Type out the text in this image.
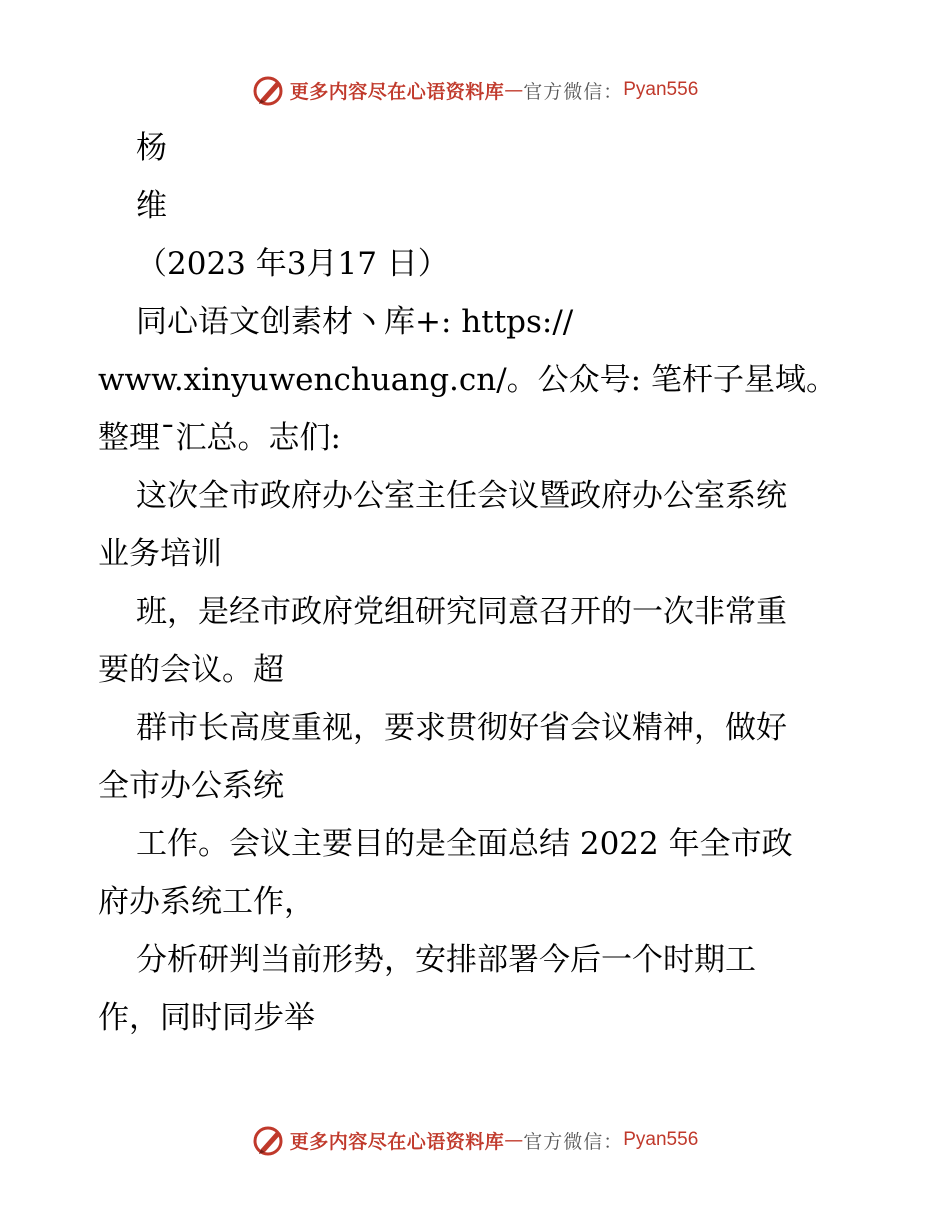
更多内容尽在心语资料库 — 官方微信： Pyan556
杨
维
（2023 年3月17 日）
同心语文创素材丶库+: https://
www.xinyuwenchuang.cn/。公众号: 笔杆子星域。
整理¯汇总。志们:
这次全市政府办公室主任会议暨政府办公室系统
业务培训
班，是经市政府党组研究同意召开的一次非常重
要的会议。超
群市长高度重视，要求贯彻好省会议精神，做好
全市办公系统
工作。会议主要目的是全面总结 2022 年全市政
府办系统工作，
分析研判当前形势，安排部署今后一个时期工
作，同时同步举
更多内容尽在心语资料库 — 官方微信： Pyan556
